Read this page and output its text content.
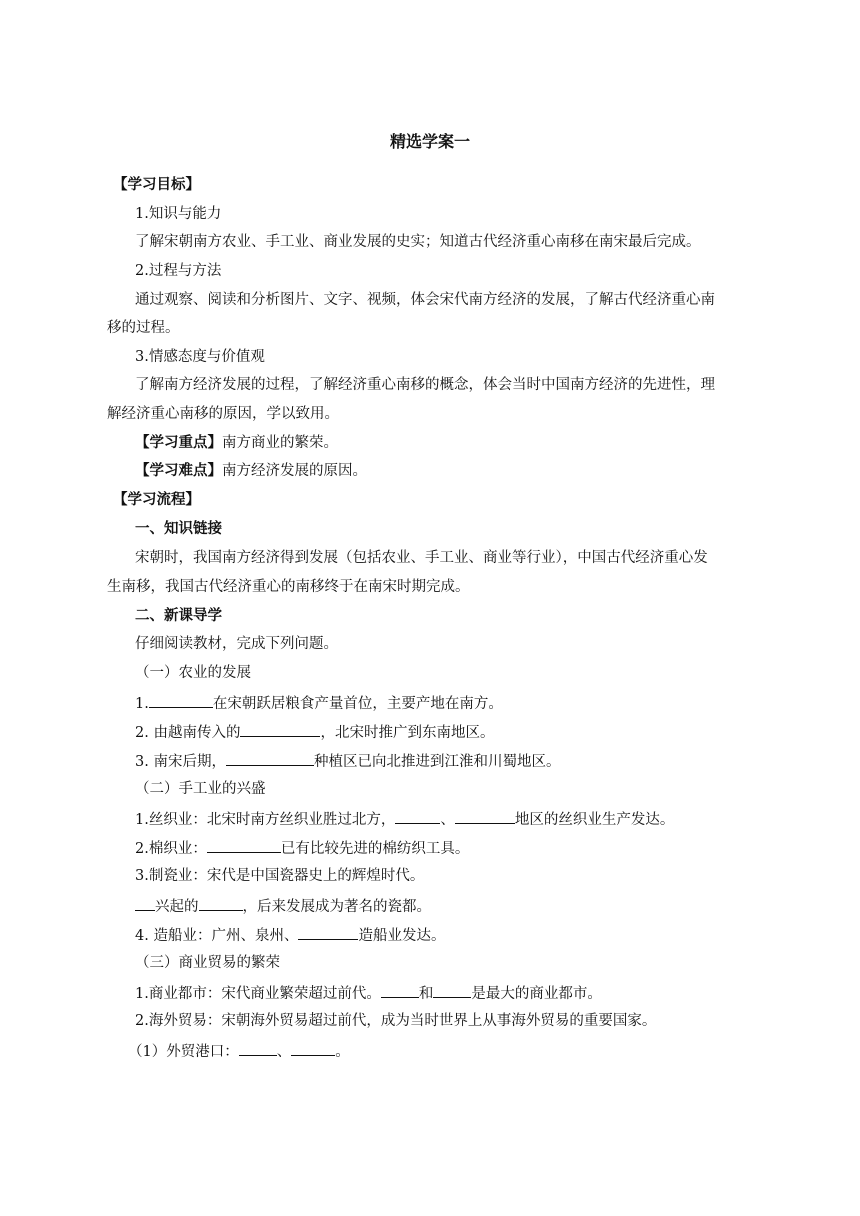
精选学案一
【学习目标】
1.知识与能力
了解宋朝南方农业、手工业、商业发展的史实；知道古代经济重心南移在南宋最后完成。
2.过程与方法
通过观察、阅读和分析图片、文字、视频，体会宋代南方经济的发展，了解古代经济重心南
移的过程。
3.情感态度与价值观
了解南方经济发展的过程，了解经济重心南移的概念，体会当时中国南方经济的先进性，理
解经济重心南移的原因，学以致用。
【学习重点】南方商业的繁荣。
【学习难点】南方经济发展的原因。
【学习流程】
一、知识链接
宋朝时，我国南方经济得到发展（包括农业、手工业、商业等行业），中国古代经济重心发
生南移，我国古代经济重心的南移终于在南宋时期完成。
二、新课导学
仔细阅读教材，完成下列问题。
（一）农业的发展
1.	在宋朝跃居粮食产量首位，主要产地在南方。
2. 由越南传入的	，北宋时推广到东南地区。
3. 南宋后期，	种植区已向北推进到江淮和川蜀地区。
（二）手工业的兴盛
1.丝织业：北宋时南方丝织业胜过北方，	、	地区的丝织业生产发达。
2.棉织业：	已有比较先进的棉纺织工具。
3.制瓷业：宋代是中国瓷器史上的辉煌时代。
兴起的	，后来发展成为著名的瓷都。
4. 造船业：广州、泉州、	造船业发达。
（三）商业贸易的繁荣
1.商业都市：宋代商业繁荣超过前代。	和	是最大的商业都市。
2.海外贸易：宋朝海外贸易超过前代，成为当时世界上从事海外贸易的重要国家。
（1）外贸港口：	、	。
